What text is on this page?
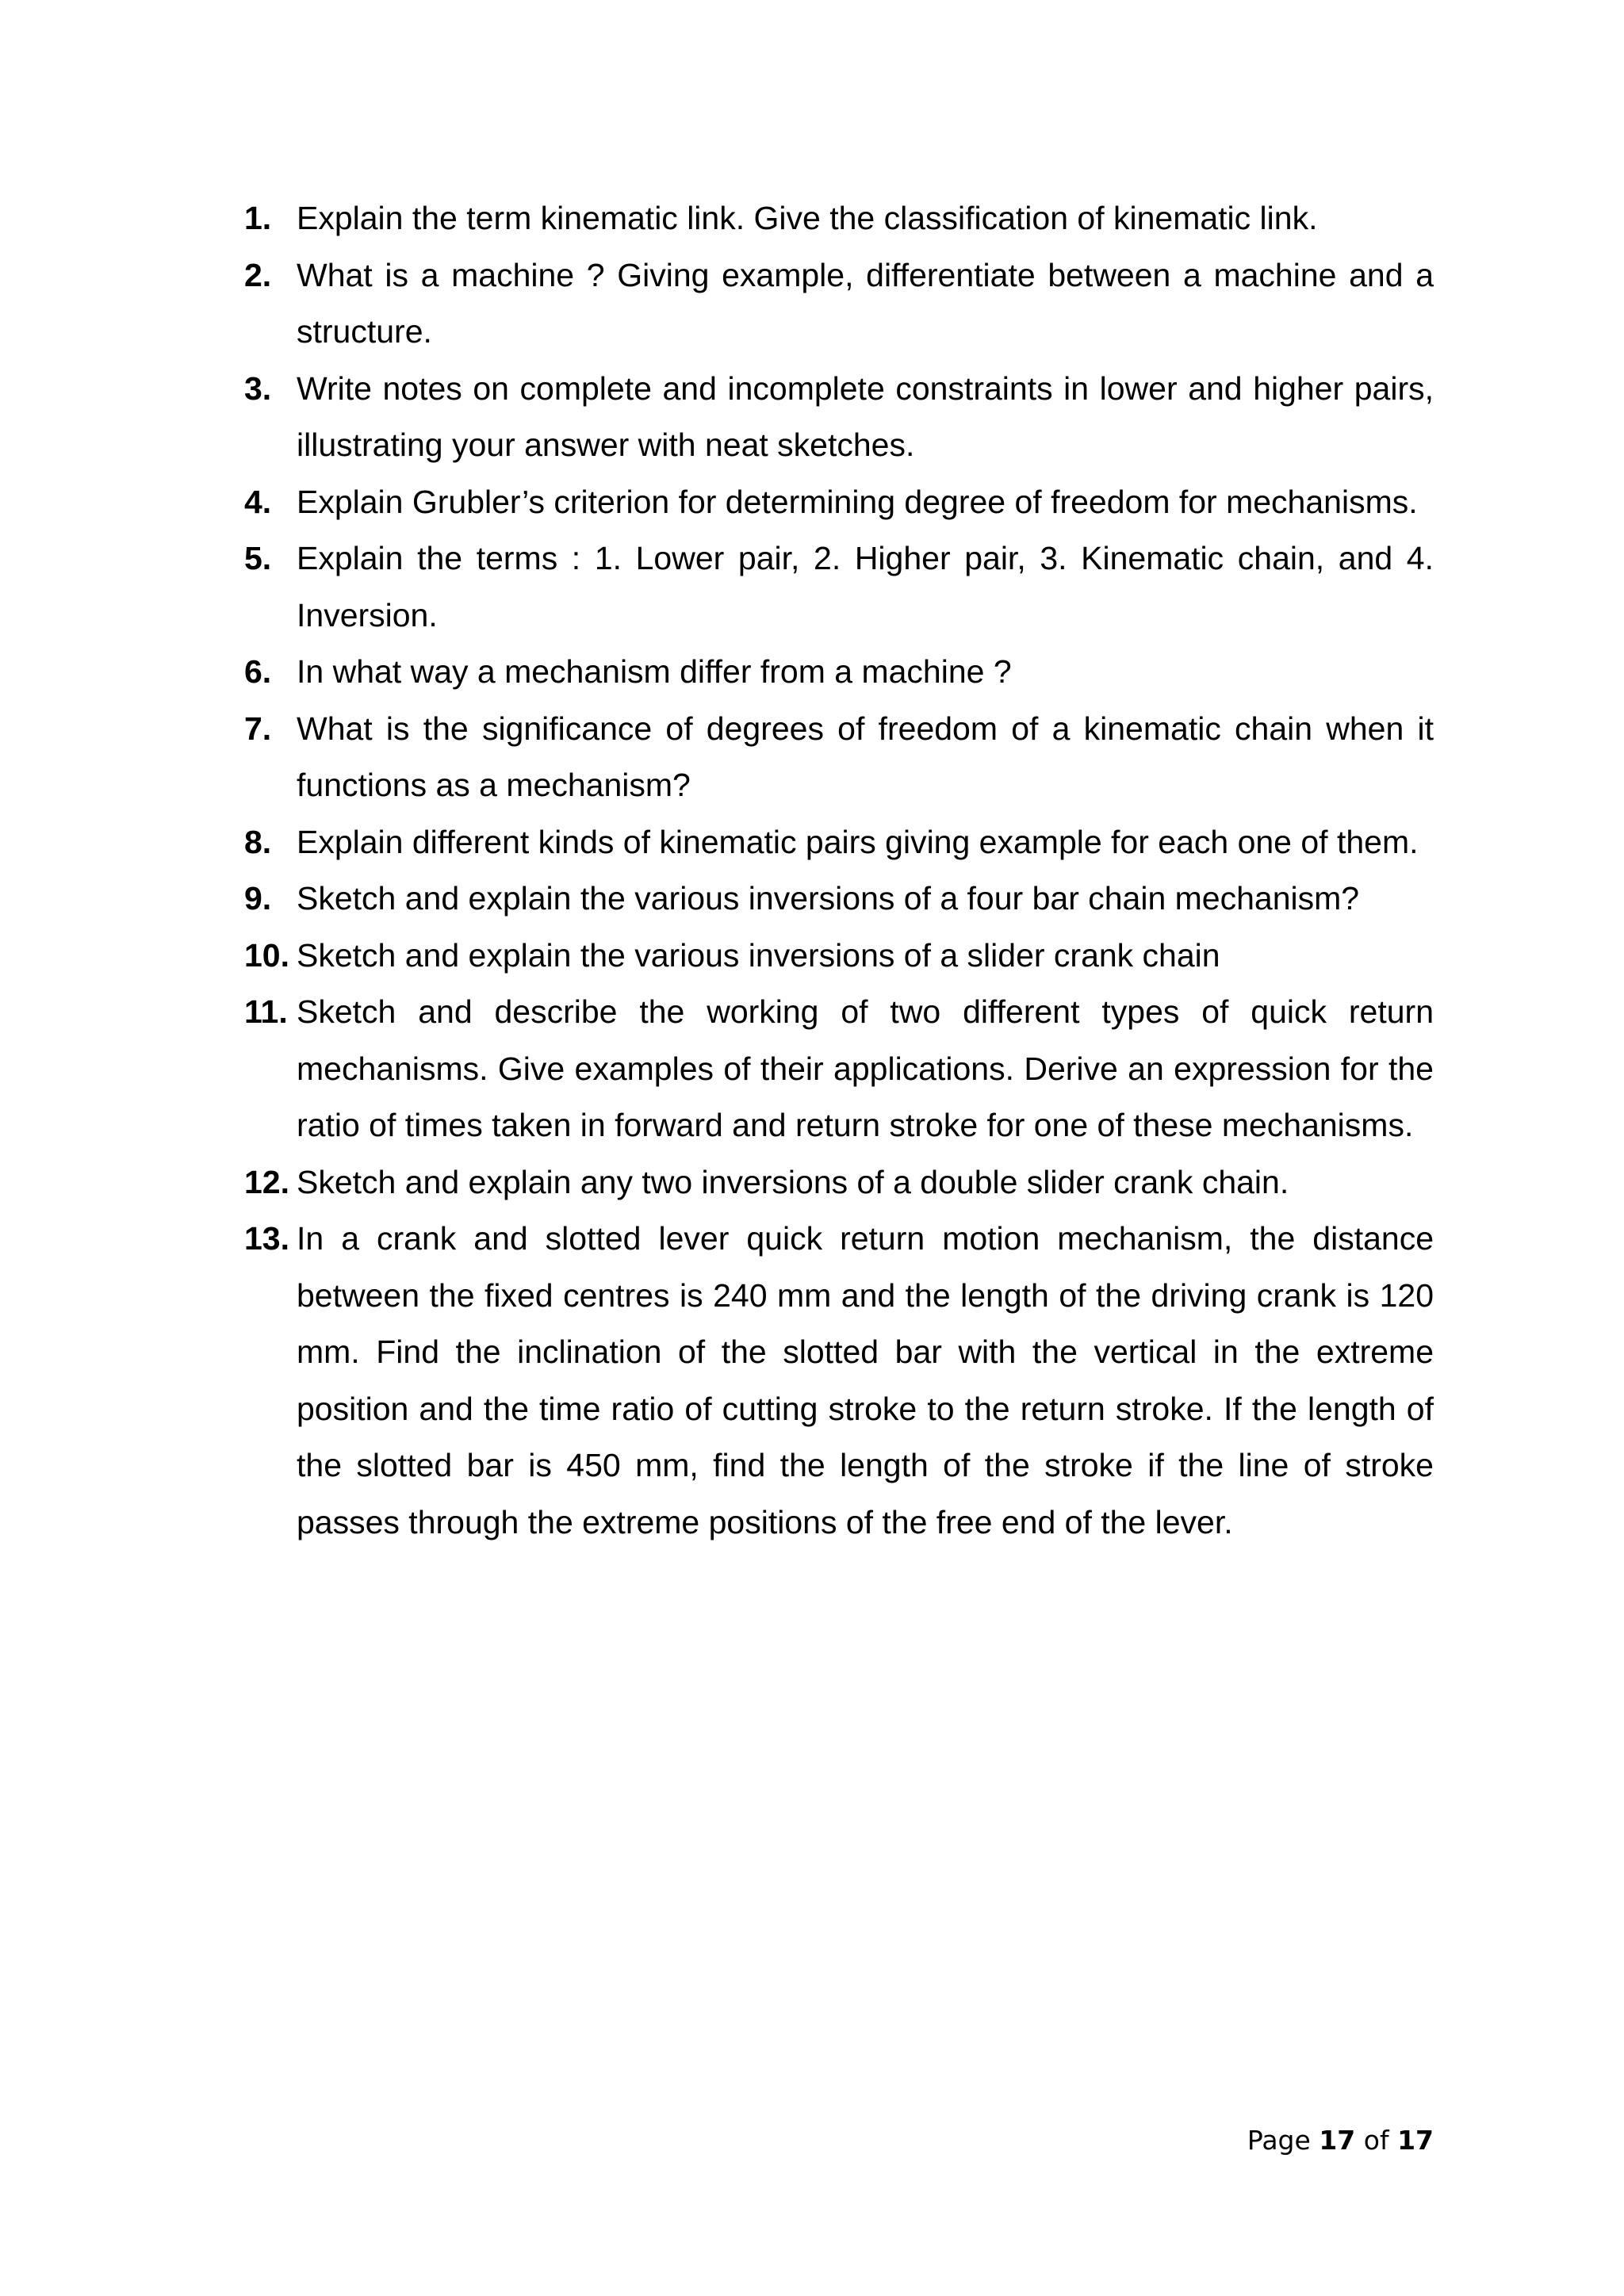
1. Explain the term kinematic link. Give the classification of kinematic link.
2. What is a machine ? Giving example, differentiate between a machine and a structure.
3. Write notes on complete and incomplete constraints in lower and higher pairs, illustrating your answer with neat sketches.
4. Explain Grubler’s criterion for determining degree of freedom for mechanisms.
5. Explain the terms : 1. Lower pair, 2. Higher pair, 3. Kinematic chain, and 4. Inversion.
6. In what way a mechanism differ from a machine ?
7. What is the significance of degrees of freedom of a kinematic chain when it functions as a mechanism?
8. Explain different kinds of kinematic pairs giving example for each one of them.
9. Sketch and explain the various inversions of a four bar chain mechanism?
10. Sketch and explain the various inversions of a slider crank chain
11. Sketch and describe the working of two different types of quick return mechanisms. Give examples of their applications. Derive an expression for the ratio of times taken in forward and return stroke for one of these mechanisms.
12. Sketch and explain any two inversions of a double slider crank chain.
13. In a crank and slotted lever quick return motion mechanism, the distance between the fixed centres is 240 mm and the length of the driving crank is 120 mm. Find the inclination of the slotted bar with the vertical in the extreme position and the time ratio of cutting stroke to the return stroke. If the length of the slotted bar is 450 mm, find the length of the stroke if the line of stroke passes through the extreme positions of the free end of the lever.
Page 17 of 17
